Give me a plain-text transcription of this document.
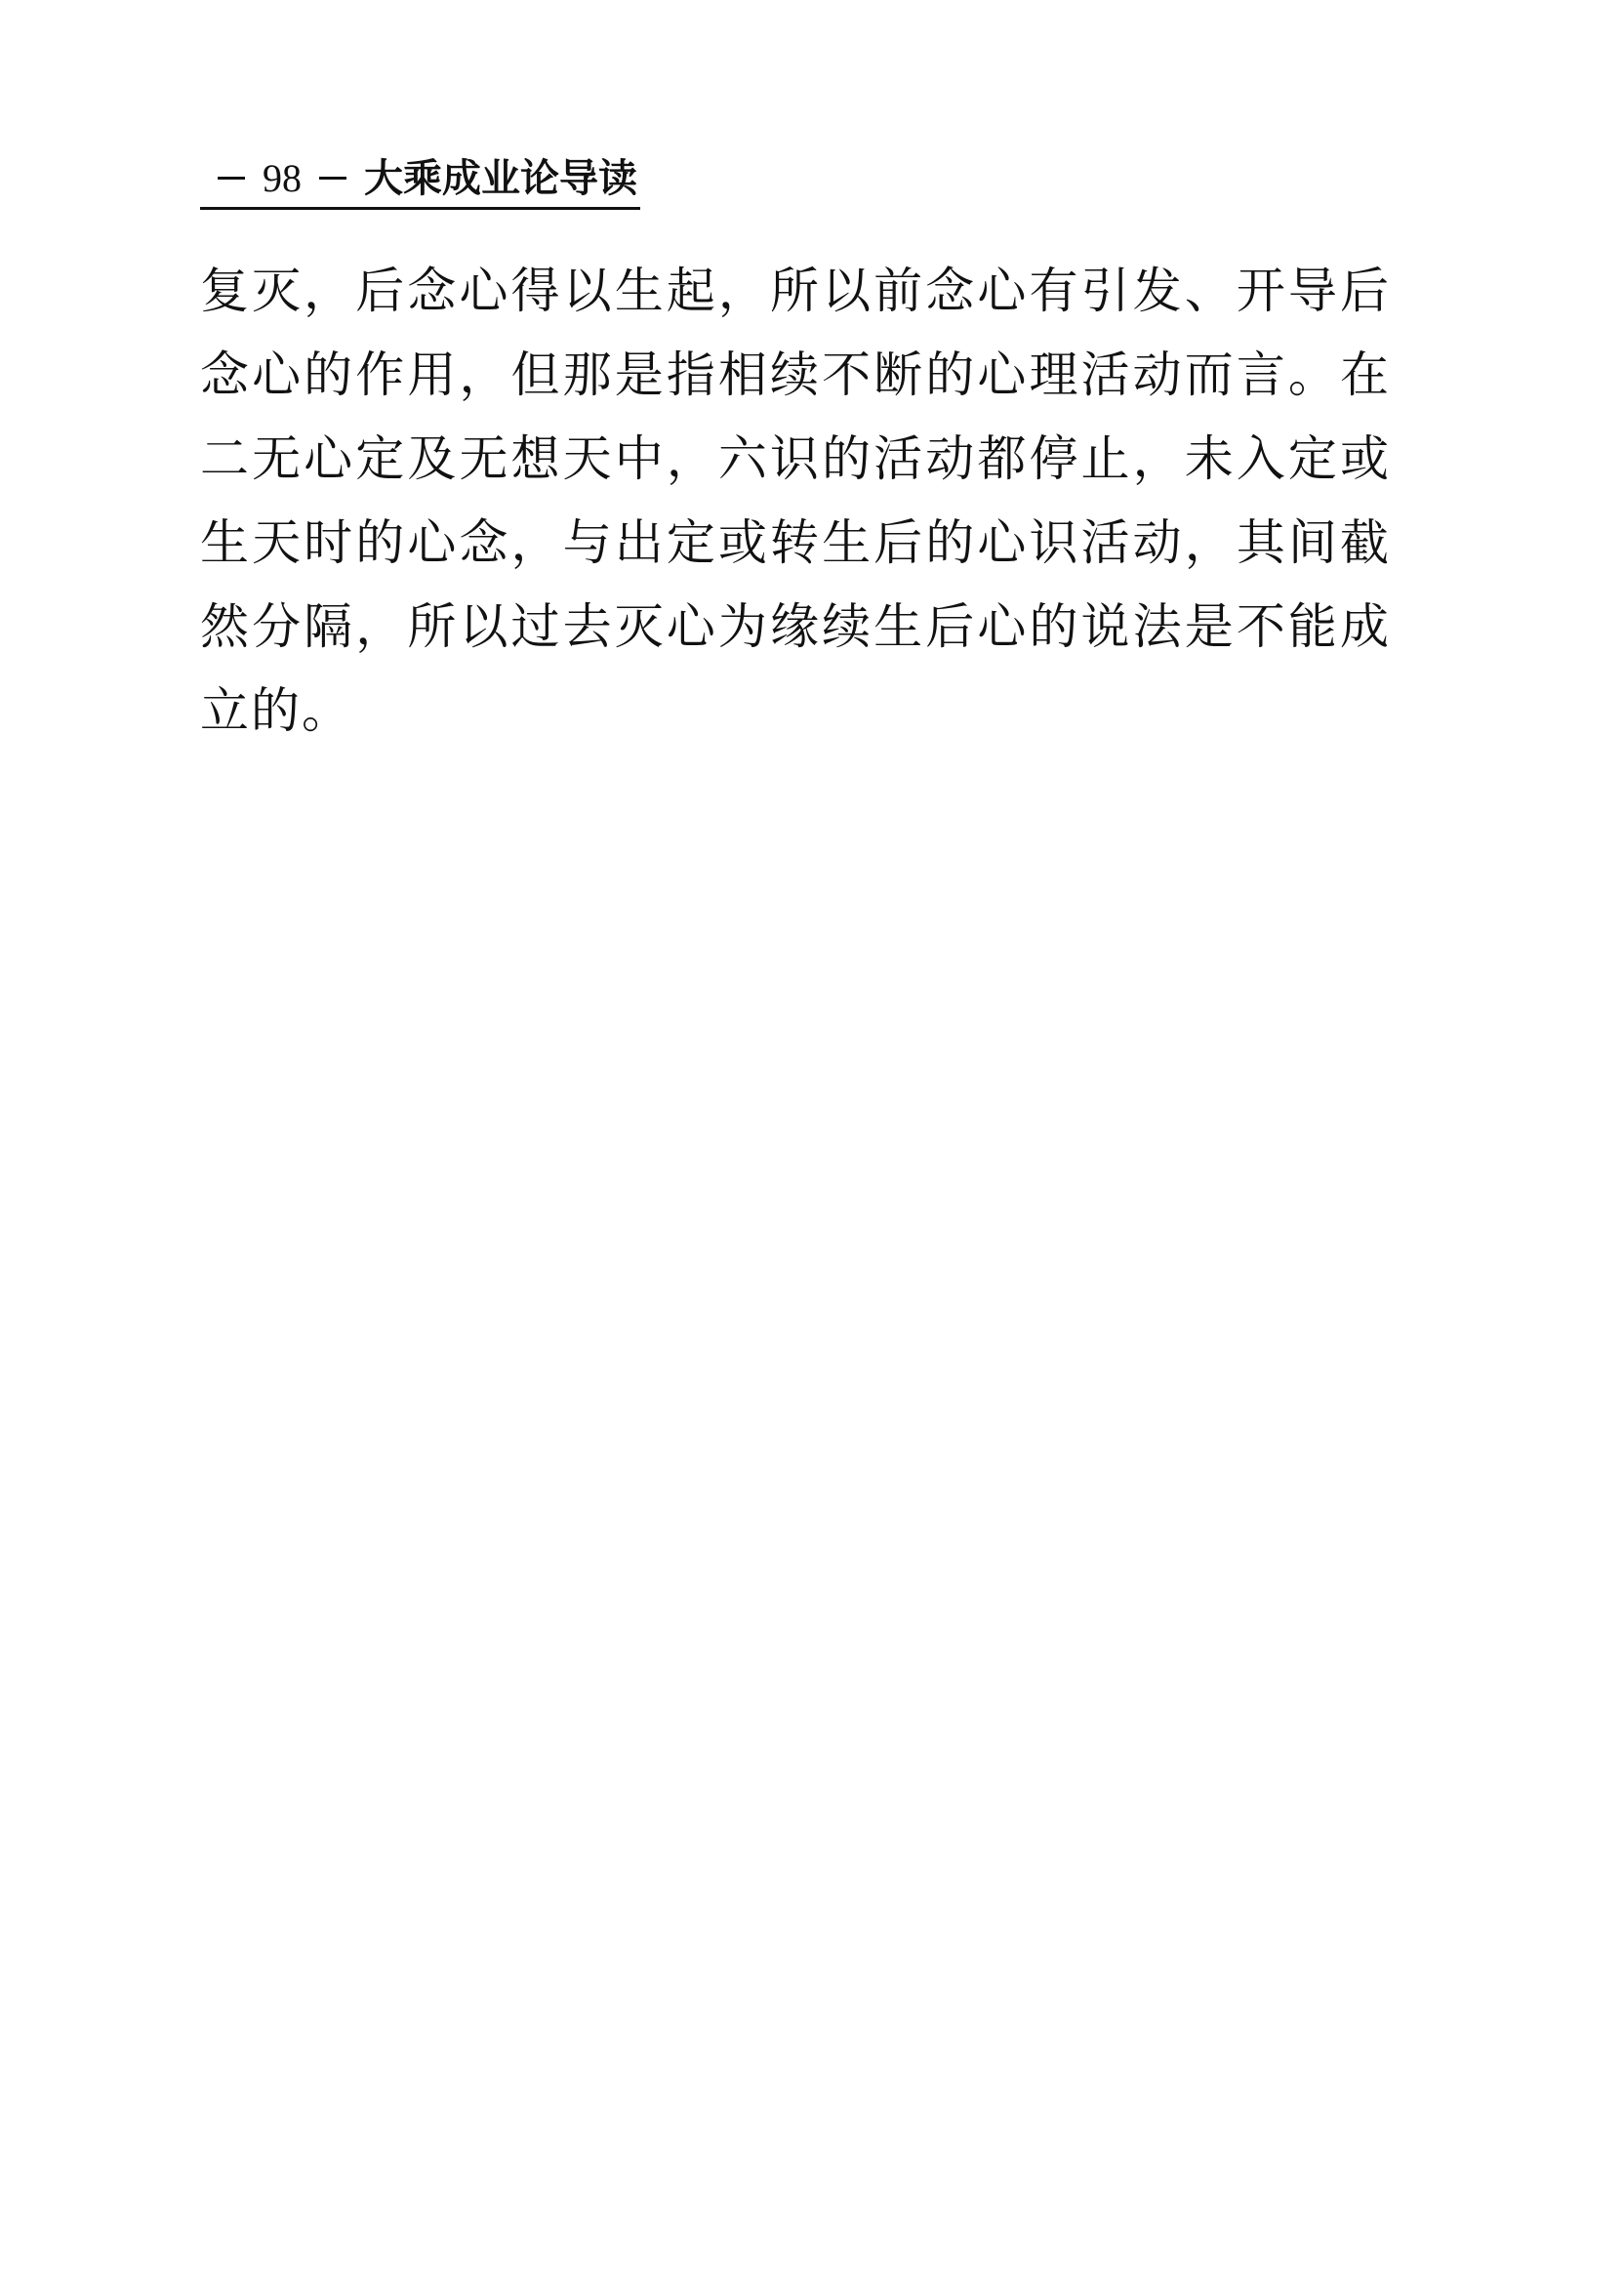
98 大乘成业论导读

复灭，后念心得以生起，所以前念心有引发、开导后念心的作用，但那是指相续不断的心理活动而言。在二无心定及无想天中，六识的活动都停止，未入定或生天时的心念，与出定或转生后的心识活动，其间截然分隔，所以过去灭心为缘续生后心的说法是不能成立的。
